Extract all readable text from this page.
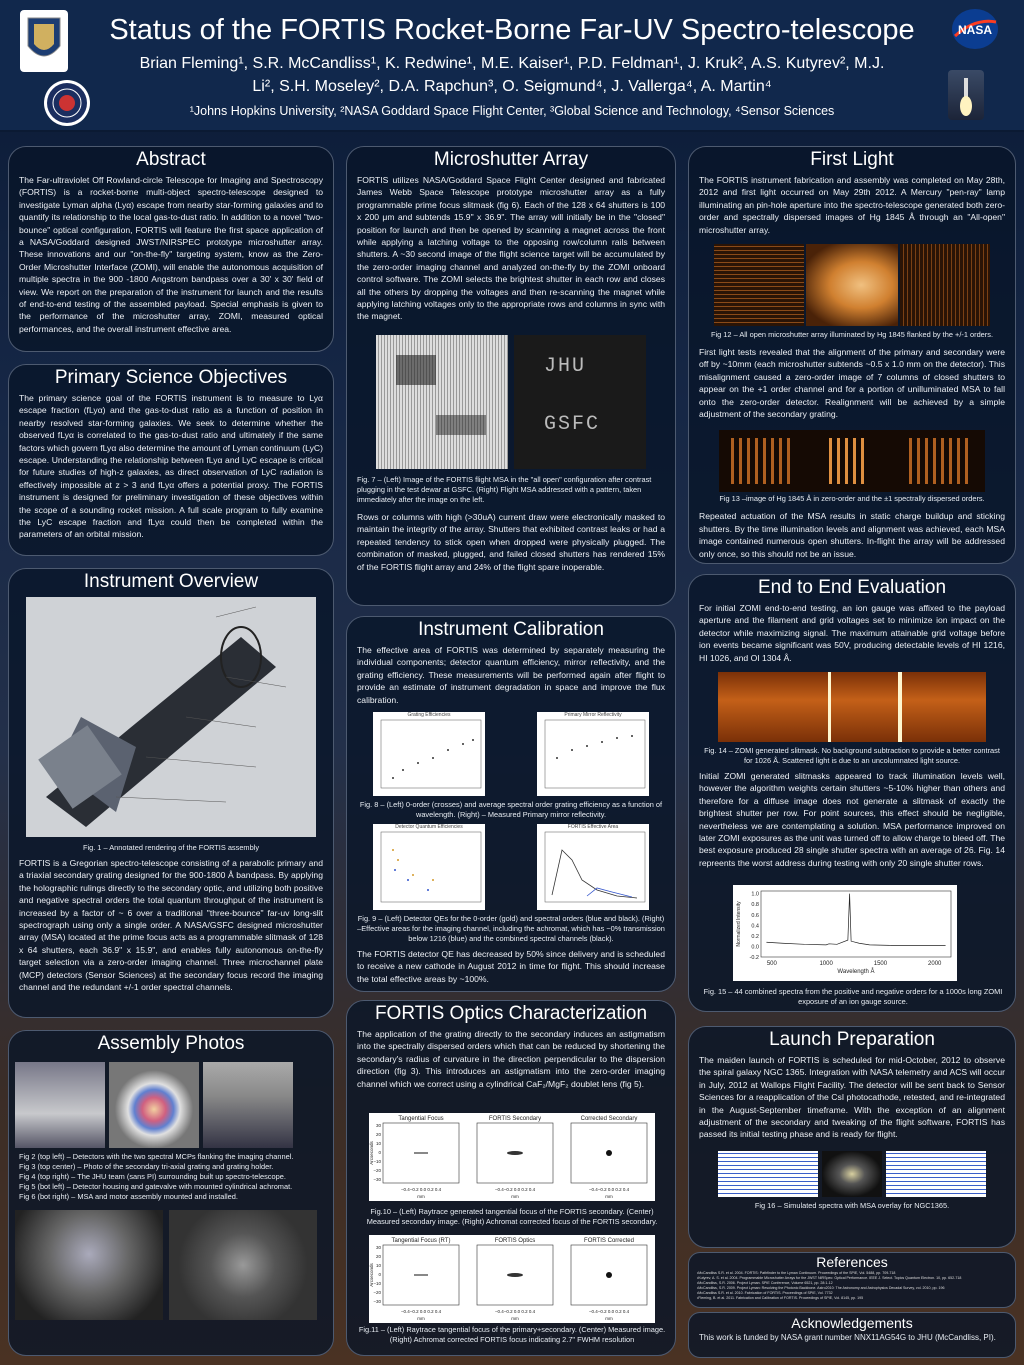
Status of the FORTIS Rocket-Borne Far-UV Spectro-telescope
Brian Fleming¹, S.R. McCandliss¹, K. Redwine¹, M.E. Kaiser¹, P.D. Feldman¹, J. Kruk², A.S. Kutyrev², M.J.
Li², S.H. Moseley², D.A. Rapchun³, O. Seigmund⁴, J. Vallerga⁴, A. Martin⁴
¹Johns Hopkins University, ²NASA Goddard Space Flight Center, ³Global Science and Technology, ⁴Sensor Sciences
NASA
Abstract
The Far-ultraviolet Off Rowland-circle Telescope for Imaging and Spectroscopy (FORTIS) is a rocket-borne multi-object spectro-telescope designed to investigate Lyman alpha (Lyα) escape from nearby star-forming galaxies and to quantify its relationship to the local gas-to-dust ratio. In addition to a novel "two-bounce" optical configuration, FORTIS will feature the first space application of a NASA/Goddard designed JWST/NIRSPEC prototype microshutter array. These innovations and our "on-the-fly" targeting system, know as the Zero-Order Microshutter Interface (ZOMI), will enable the autonomous acquisition of multiple spectra in the 900 -1800 Angstrom bandpass over a 30' x 30' field of view. We report on the preparation of the instrument for launch and the results of end-to-end testing of the assembled payload. Special emphasis is given to the performance of the microshutter array, ZOMI, measured optical performances, and the overall instrument effective area.
Primary Science Objectives
The primary science goal of the FORTIS instrument is to measure to Lyα escape fraction (fLyα) and the gas-to-dust ratio as a function of position in nearby resolved star-forming galaxies. We seek to determine whether the observed fLyα is correlated to the gas-to-dust ratio and ultimately if the same factors which govern fLyα also determine the amount of Lyman continuum (LyC) escape. Understanding the relationship between fLyα and LyC escape is critical for future studies of high-z galaxies, as direct observation of LyC radiation is effectively impossible at z > 3 and fLyα offers a potential proxy. The FORTIS instrument is designed for preliminary investigation of these objectives within the scope of a sounding rocket mission. A full scale program to fully examine the LyC escape fraction and fLyα could then be completed within the parameters of an orbital mission.
Instrument Overview
Fig. 1 – Annotated rendering of the FORTIS assembly
FORTIS is a Gregorian spectro-telescope consisting of a parabolic primary and a triaxial secondary grating designed for the 900-1800 Å bandpass. By applying the holographic rulings directly to the secondary optic, and utilizing both positive and negative spectral orders the total quantum throughput of the instrument is increased by a factor of ~ 6 over a traditional "three-bounce" far-uv long-slit spectrograph using only a single order. A NASA/GSFC designed microshutter array (MSA) located at the prime focus acts as a programmable slitmask of 128 x 64 shutters, each 36.9" x 15.9", and enables fully autonomous on-the-fly target selection via a zero-order imaging channel. Three microchannel plate (MCP) detectors (Sensor Sciences) at the secondary focus record the imaging channel and the redundant +/-1 order spectral channels.
Assembly Photos
Fig 2 (top left) – Detectors with the two spectral MCPs flanking the imaging channel.
Fig 3 (top center) – Photo of the secondary tri-axial grating and grating holder.
Fig 4 (top right) – The JHU team (sans PI) surrounding built up spectro-telescope.
Fig 5 (bot left) – Detector housing and gatevalve with mounted cylindrical achromat.
Fig 6 (bot right) – MSA and motor assembly mounted and installed.
Microshutter Array
FORTIS utilizes NASA/Goddard Space Flight Center designed and fabricated James Webb Space Telescope prototype microshutter array as a fully programmable prime focus slitmask (fig 6). Each of the 128 x 64 shutters is 100 x 200 μm and subtends 15.9" x 36.9". The array will initially be in the "closed" position for launch and then be opened by scanning a magnet across the front while applying a latching voltage to the opposing row/column rails between shutters. A ~30 second image of the flight science target will be accumulated by the zero-order imaging channel and analyzed on-the-fly by the ZOMI onboard control software. The ZOMI selects the brightest shutter in each row and closes all the others by dropping the voltages and then re-scanning the magnet while applying latching voltages only to the appropriate rows and columns in sync with the magnet.
JHU
GSFC
Fig. 7 – (Left) Image of the FORTIS flight MSA in the "all open" configuration after contrast plugging in the test dewar at GSFC. (Right) Flight MSA addressed with a pattern, taken immediately after the image on the left.
Rows or columns with high (>30uA) current draw were electronically masked to maintain the integrity of the array. Shutters that exhibited contrast leaks or had a repeated tendency to stick open when dropped were physically plugged. The combination of masked, plugged, and failed closed shutters has rendered 15% of the FORTIS flight array and 24% of the flight spare inoperable.
Instrument Calibration
The effective area of FORTIS was determined by separately measuring the individual components; detector quantum efficiency, mirror reflectivity, and the grating efficiency. These measurements will be performed again after flight to provide an estimate of instrument degradation in space and improve the flux calibration.
Grating Efficiencies	Primary Mirror Reflectivity
Fig. 8 – (Left) 0-order (crosses) and average spectral order grating efficiency as a function of wavelength. (Right) – Measured Primary mirror reflectivity.
Detector Quantum Efficiencies	FORTIS Effective Area
Fig. 9 – (Left) Detector QEs for the 0-order (gold) and spectral orders (blue and black). (Right) –Effective areas for the imaging channel, including the achromat, which has ~0% transmission below 1216 (blue) and the combined spectral channels (black).
The FORTIS detector QE has decreased by 50% since delivery and is scheduled to receive a new cathode in August 2012 in time for flight. This should increase the total effective areas by ~100%.
FORTIS Optics Characterization
The application of the grating directly to the secondary induces an astigmatism into the spectrally dispersed orders which that can be reduced by shortening the secondary's radius of curvature in the direction perpendicular to the dispersion direction (fig 3). This introduces an astigmatism into the zero-order imaging channel which we correct using a cylindrical CaF₂/MgF₂ doublet lens (fig 5).
Tangential Focus
30
20
10
0
−10
−20
−30
Arcseconds
−0.4−0.2 0.0 0.2 0.4
mm
FORTIS Secondary
−0.4−0.2 0.0 0.2 0.4
mm
Corrected Secondary
−0.4−0.2 0.0 0.2 0.4
mm
Fig.10 – (Left) Raytrace generated tangential focus of the FORTIS secondary. (Center) Measured secondary image. (Right) Achromat corrected focus of the FORTIS secondary.
Tangential Focus (RT)
30
20
10
0
−10
−20
−30
Arcseconds
−0.4−0.2 0.0 0.2 0.4
mm
FORTIS Optics
−0.4−0.2 0.0 0.2 0.4
mm
FORTIS Corrected
−0.4−0.2 0.0 0.2 0.4
mm
Fig.11 – (Left) Raytrace tangential focus of the primary+secondary. (Center) Measured image. (Right) Achromat corrected FORTIS focus indicating 2.7" FWHM resolution
First Light
The FORTIS instrument fabrication and assembly was completed on May 28th, 2012 and first light occurred on May 29th 2012. A Mercury "pen-ray" lamp illuminating an pin-hole aperture into the spectro-telescope generated both zero-order and spectrally dispersed images of Hg 1845 Å through an "All-open" microshutter array.
Fig 12 – All open microshutter array illuminated by Hg 1845 flanked by the +/-1 orders.
First light tests revealed that the alignment of the primary and secondary were off by ~10mm (each microshutter subtends ~0.5 x 1.0 mm on the detector). This misalignment caused a zero-order image of 7 columns of closed shutters to appear on the +1 order channel and for a portion of unilluminated MSA to fall onto the zero-order detector. Realignment will be achieved by a simple adjustment of the secondary grating.
Fig 13 –image of Hg 1845 Å in zero-order and the ±1 spectrally dispersed orders.
Repeated actuation of the MSA results in static charge buildup and sticking shutters. By the time illumination levels and alignment was achieved, each MSA image contained numerous open shutters. In-flight the array will be addressed only once, so this should not be an issue.
End to End Evaluation
For initial ZOMI end-to-end testing, an ion gauge was affixed to the payload aperture and the filament and grid voltages set to minimize ion impact on the detector while maximizing signal. The maximum attainable grid voltage before ion events became significant was 50V, producing detectable levels of HI 1216, HI 1026, and OI 1304 Å.
Fig. 14 – ZOMI generated slitmask. No background subtraction to provide a better contrast for 1026 Å. Scattered light is due to an uncolumnated light source.
Initial ZOMI generated slitmasks appeared to track illumination levels well, however the algorithm weights certain shutters ~5-10% higher than others and therefore for a diffuse image does not generate a slitmask of exactly the brightest shutter per row. For point sources, this effect should be negligible, nevertheless we are contemplating a solution. MSA performance improved on later ZOMI exposures as the unit was turned off to allow charge to bleed off. The best exposure produced 28 single shutter spectra with an average of 26. Fig. 14 repreents the worst address during testing with only 20 single shutter rows.
1.0
0.8
0.6
0.4
0.2
0.0
-0.2
500	1000	1500	2000
Wavelength Å
Normalized Intensity
Fig. 15 – 44 combined spectra from the positive and negative orders for a 1000s long ZOMI exposure of an ion gauge source.
Launch Preparation
The maiden launch of FORTIS is scheduled for mid-October, 2012 to observe the spiral galaxy NGC 1365. Integration with NASA telemetry and ACS will occur in July, 2012 at Wallops Flight Facility. The detector will be sent back to Sensor Sciences for a reapplication of the CsI photocathode, retested, and re-integrated in the August-September timeframe. With the exception of an alignment adjustment of the secondary and tweaking of the flight software, FORTIS has passed its initial testing phase and is ready for flight.
Fig 16 – Simulated spectra with MSA overlay for NGC1365.
References
•McCandliss S.R. et al. 2004. FORTIS: Pathfinder to the Lyman Continuum. Proceedings of the SPIE, Vol. 5488, pp. 709-718
•Kutyrev, A. S. et al. 2004. Programmable Microshutter Arrays for the JWST NIRSpec: Optical Performance. IEEE J. Select. Topics Quantum Electron. 10, pp. 652-718
•McCandliss, S.R. 2006. Project Lyman. SPIE Conference, Volume 6521, pp. 28:1-12
•McCandliss, S.R. 2009. Project Lyman: Resolving the Photonic Backbone. Astro2010: The Astronomy and Astrophysics Decadal Survey, vol. 2010, pp. 196
•McCandliss S.R. et al. 2010. Fabrication of FORTIS. Proceedings of SPIE, Vol. 7732
•Fleming, B. et al. 2011. Fabrication and Calibration of FORTIS. Proceedings of SPIE, Vol. 8145, pp. 195
Acknowledgements
This work is funded by NASA grant number NNX11AG54G to JHU (McCandliss, PI).
